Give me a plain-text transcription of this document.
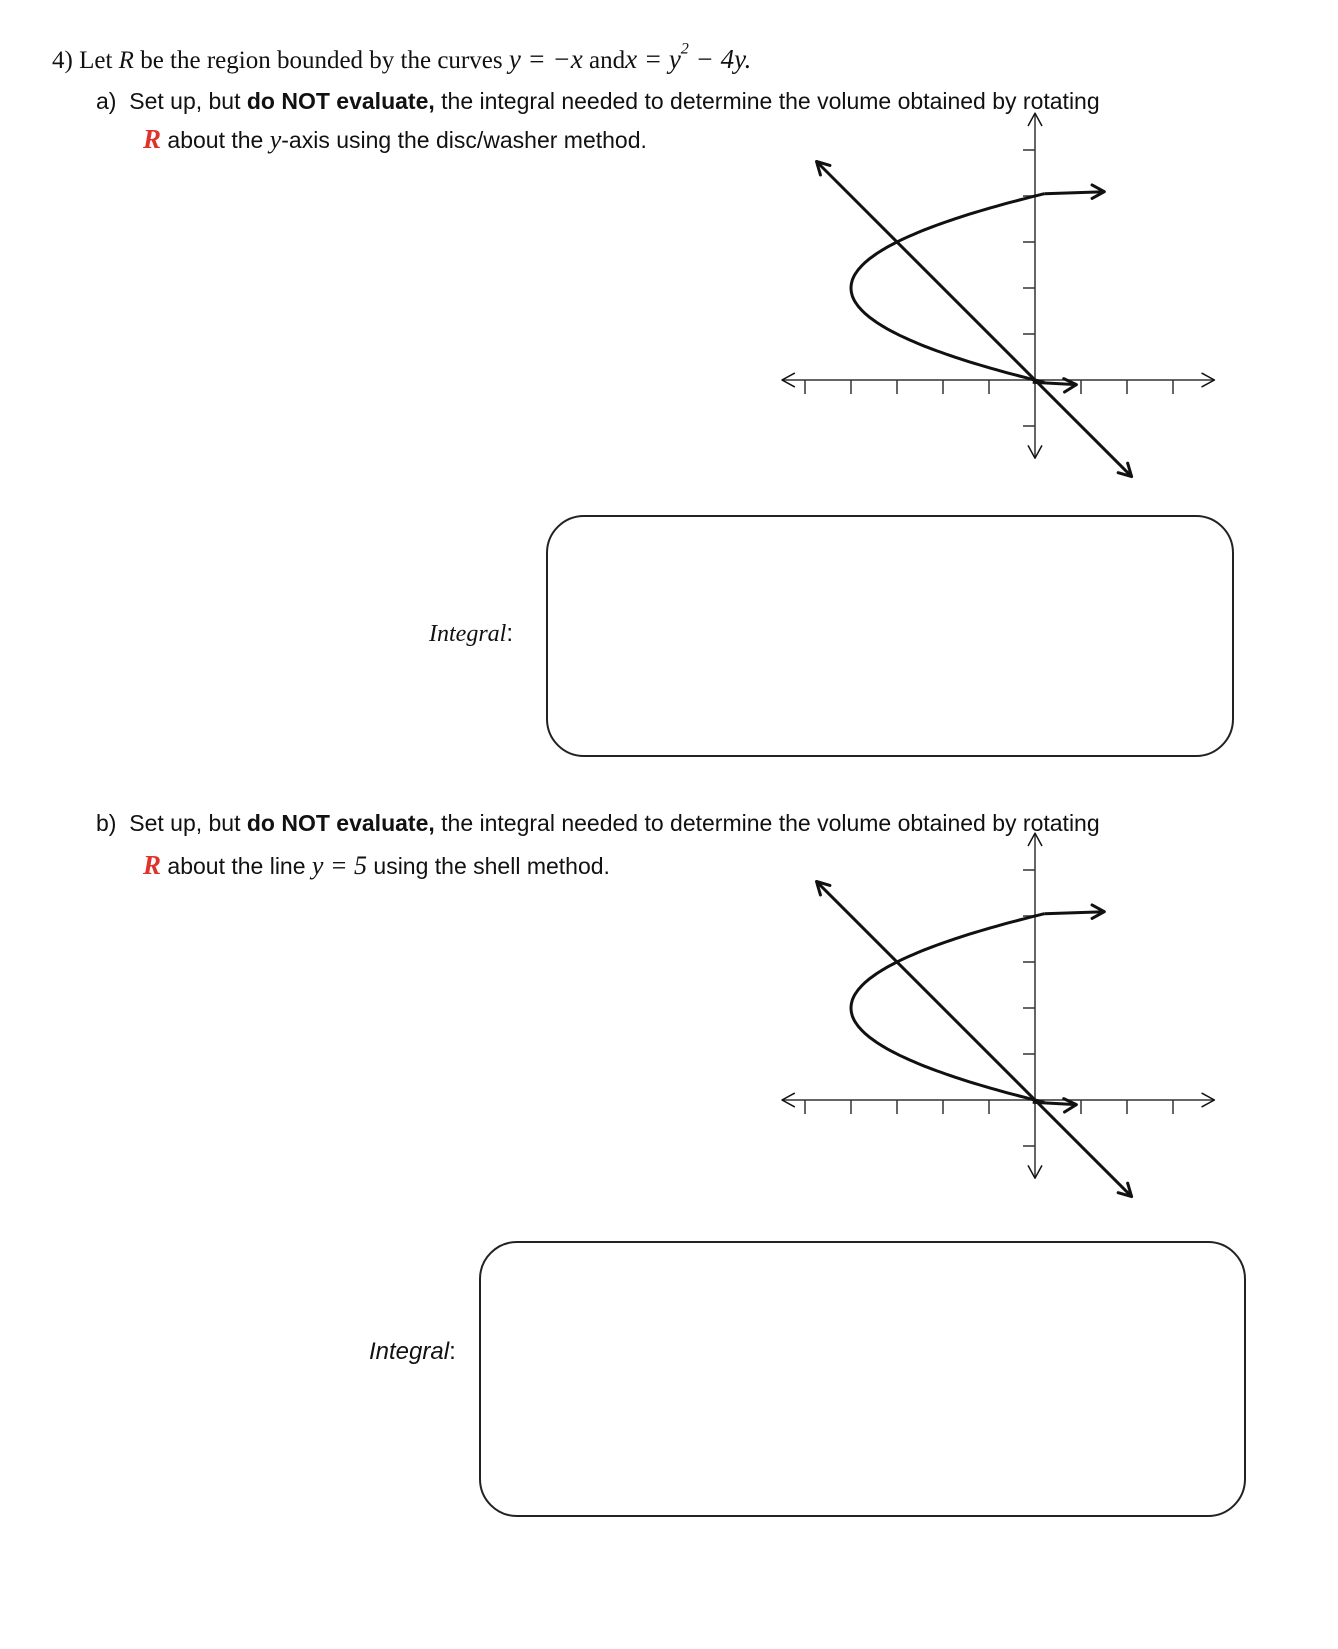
4) Let R be the region bounded by the curves y = −x andx = $y^2 - 4y$.
a) Set up, but do NOT evaluate, the integral needed to determine the volume obtained by rotating
R about the y-axis using the disc/washer method.
Integral:
b) Set up, but do NOT evaluate, the integral needed to determine the volume obtained by rotating
R about the line y = 5 using the shell method.
Integral:
